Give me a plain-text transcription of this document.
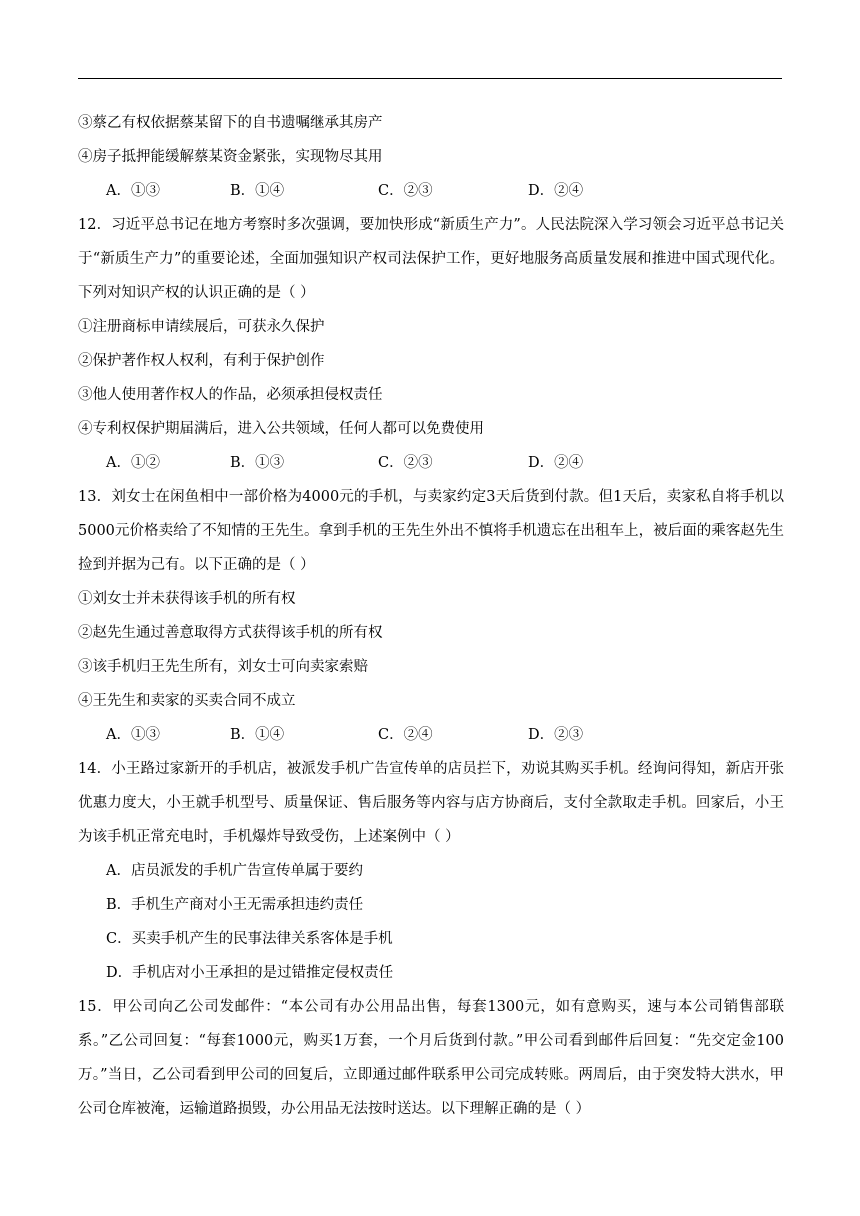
③蔡乙有权依据蔡某留下的自书遗嘱继承其房产
④房子抵押能缓解蔡某资金紧张，实现物尽其用
A．①③	B．①④	C．②③	D．②④
12．习近平总书记在地方考察时多次强调，要加快形成“新质生产力”。人民法院深入学习领会习近平总书记关于“新质生产力”的重要论述，全面加强知识产权司法保护工作，更好地服务高质量发展和推进中国式现代化。下列对知识产权的认识正确的是（ ）
①注册商标申请续展后，可获永久保护
②保护著作权人权利，有利于保护创作
③他人使用著作权人的作品，必须承担侵权责任
④专利权保护期届满后，进入公共领域，任何人都可以免费使用
A．①②	B．①③	C．②③	D．②④
13．刘女士在闲鱼相中一部价格为4000元的手机，与卖家约定3天后货到付款。但1天后，卖家私自将手机以5000元价格卖给了不知情的王先生。拿到手机的王先生外出不慎将手机遗忘在出租车上，被后面的乘客赵先生捡到并据为己有。以下正确的是（ ）
①刘女士并未获得该手机的所有权
②赵先生通过善意取得方式获得该手机的所有权
③该手机归王先生所有，刘女士可向卖家索赔
④王先生和卖家的买卖合同不成立
A．①③	B．①④	C．②④	D．②③
14．小王路过家新开的手机店，被派发手机广告宣传单的店员拦下，劝说其购买手机。经询问得知，新店开张优惠力度大，小王就手机型号、质量保证、售后服务等内容与店方协商后，支付全款取走手机。回家后，小王为该手机正常充电时，手机爆炸导致受伤，上述案例中（ ）
A．店员派发的手机广告宣传单属于要约
B．手机生产商对小王无需承担违约责任
C．买卖手机产生的民事法律关系客体是手机
D．手机店对小王承担的是过错推定侵权责任
15．甲公司向乙公司发邮件：“本公司有办公用品出售，每套1300元，如有意购买，速与本公司销售部联系。”乙公司回复：“每套1000元，购买1万套，一个月后货到付款。”甲公司看到邮件后回复：“先交定金100万。”当日，乙公司看到甲公司的回复后，立即通过邮件联系甲公司完成转账。两周后，由于突发特大洪水，甲公司仓库被淹，运输道路损毁，办公用品无法按时送达。以下理解正确的是（ ）
